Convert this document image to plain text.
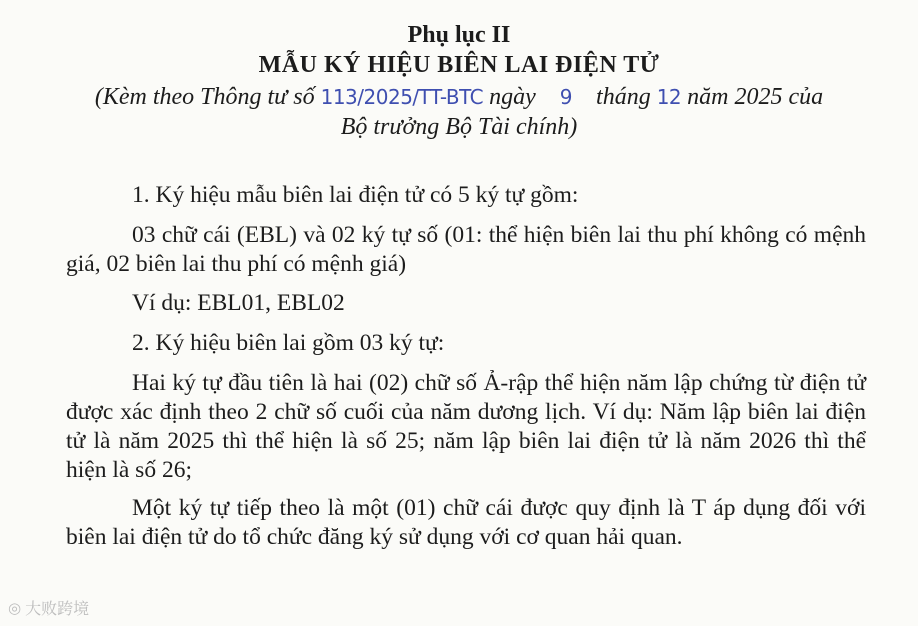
Phụ lục II
MẪU KÝ HIỆU BIÊN LAI ĐIỆN TỬ
(Kèm theo Thông tư số 113/2025/TT-BTC ngày 9 tháng 12 năm 2025 của
Bộ trưởng Bộ Tài chính)

1. Ký hiệu mẫu biên lai điện tử có 5 ký tự gồm:

03 chữ cái (EBL) và 02 ký tự số (01: thể hiện biên lai thu phí không có mệnh giá, 02 biên lai thu phí có mệnh giá)

Ví dụ: EBL01, EBL02

2. Ký hiệu biên lai gồm 03 ký tự:

Hai ký tự đầu tiên là hai (02) chữ số Ả-rập thể hiện năm lập chứng từ điện tử được xác định theo 2 chữ số cuối của năm dương lịch. Ví dụ: Năm lập biên lai điện tử là năm 2025 thì thể hiện là số 25; năm lập biên lai điện tử là năm 2026 thì thể hiện là số 26;

Một ký tự tiếp theo là một (01) chữ cái được quy định là T áp dụng đối với biên lai điện tử do tổ chức đăng ký sử dụng với cơ quan hải quan.

◎ 大败跨境
